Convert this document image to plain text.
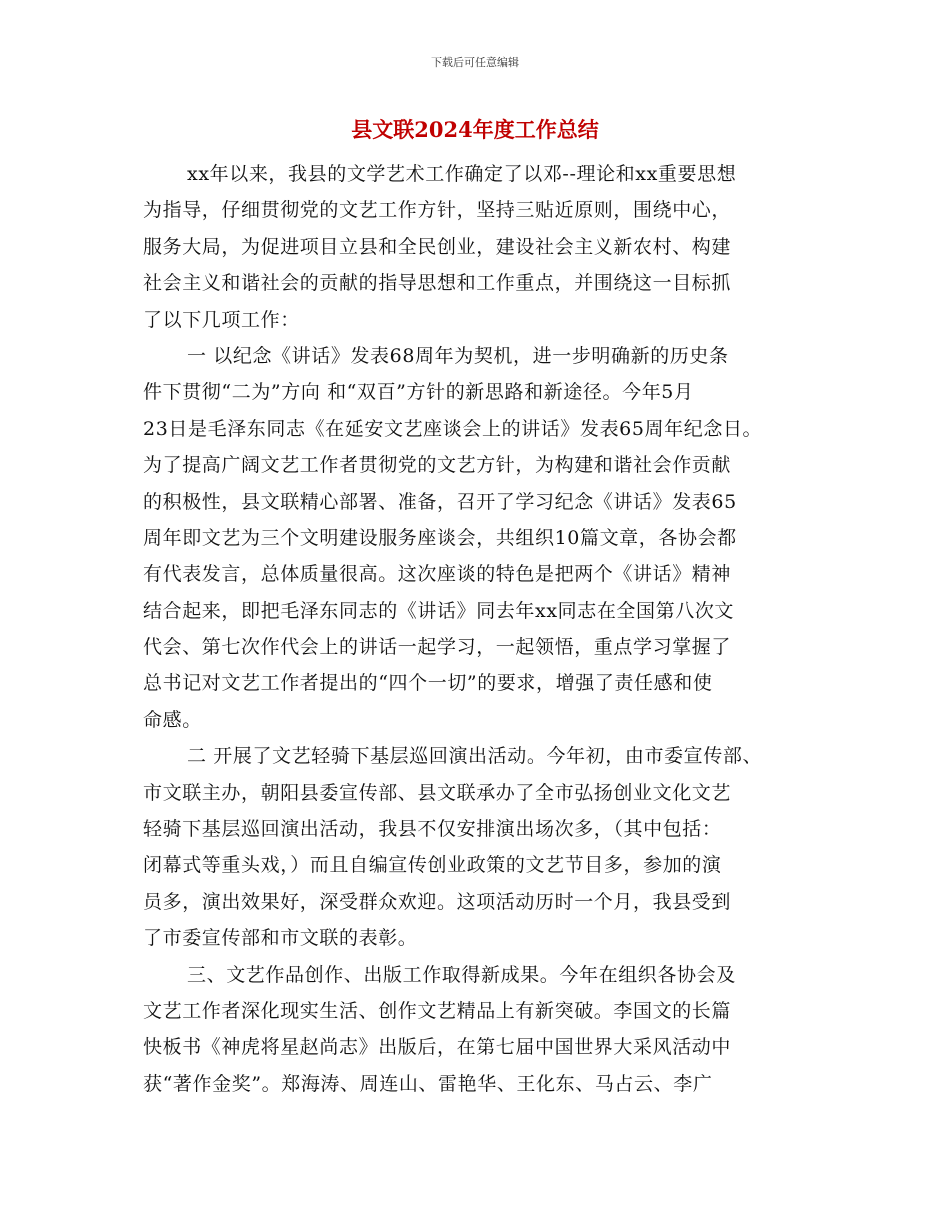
下载后可任意编辑
县文联2024年度工作总结
xx年以来，我县的文学艺术工作确定了以邓--理论和xx重要思想
为指导，仔细贯彻党的文艺工作方针，坚持三贴近原则，围绕中心，
服务大局，为促进项目立县和全民创业，建设社会主义新农村、构建
社会主义和谐社会的贡献的指导思想和工作重点，并围绕这一目标抓
了以下几项工作：
一 以纪念《讲话》发表68周年为契机，进一步明确新的历史条
件下贯彻“二为”方向 和“双百”方针的新思路和新途径。今年5月
23日是毛泽东同志《在延安文艺座谈会上的讲话》发表65周年纪念日。
为了提高广阔文艺工作者贯彻党的文艺方针，为构建和谐社会作贡献
的积极性，县文联精心部署、准备，召开了学习纪念《讲话》发表65
周年即文艺为三个文明建设服务座谈会，共组织10篇文章，各协会都
有代表发言，总体质量很高。这次座谈的特色是把两个《讲话》精神
结合起来，即把毛泽东同志的《讲话》同去年xx同志在全国第八次文
代会、第七次作代会上的讲话一起学习，一起领悟，重点学习掌握了
总书记对文艺工作者提出的“四个一切”的要求，增强了责任感和使
命感。
二 开展了文艺轻骑下基层巡回演出活动。今年初，由市委宣传部、
市文联主办，朝阳县委宣传部、县文联承办了全市弘扬创业文化文艺
轻骑下基层巡回演出活动，我县不仅安排演出场次多，（其中包括：
闭幕式等重头戏，）而且自编宣传创业政策的文艺节目多，参加的演
员多，演出效果好，深受群众欢迎。这项活动历时一个月，我县受到
了市委宣传部和市文联的表彰。
三、文艺作品创作、出版工作取得新成果。今年在组织各协会及
文艺工作者深化现实生活、创作文艺精品上有新突破。李国文的长篇
快板书《神虎将星赵尚志》出版后，在第七届中国世界大采风活动中
获“著作金奖”。郑海涛、周连山、雷艳华、王化东、马占云、李广
